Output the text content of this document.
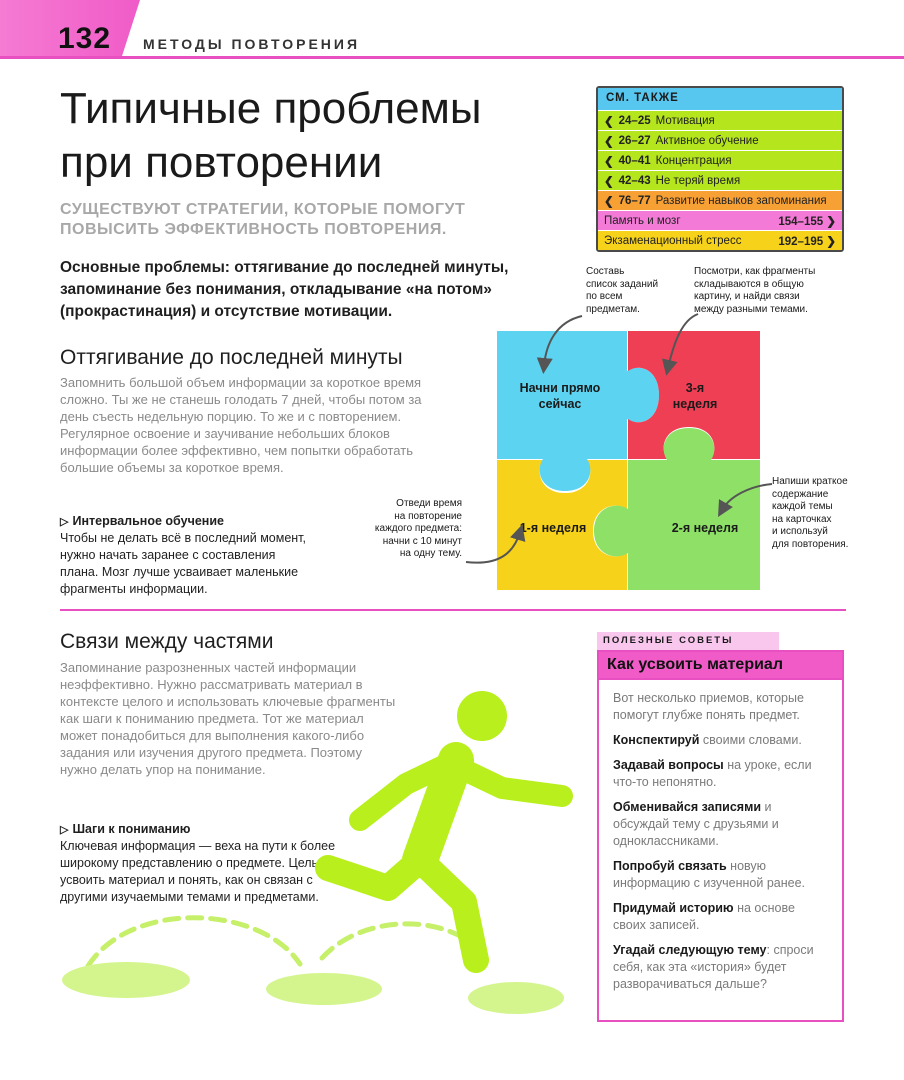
132 МЕТОДЫ ПОВТОРЕНИЯ
Типичные проблемы
при повторении
СУЩЕСТВУЮТ СТРАТЕГИИ, КОТОРЫЕ ПОМОГУТ ПОВЫСИТЬ ЭФФЕКТИВНОСТЬ ПОВТОРЕНИЯ.
Основные проблемы: оттягивание до последней минуты, запоминание без понимания, откладывание «на потом» (прокрастинация) и отсутствие мотивации.
СМ. ТАКЖЕ
❮ 24–25 Мотивация
❮ 26–27 Активное обучение
❮ 40–41 Концентрация
❮ 42–43 Не теряй время
❮ 76–77 Развитие навыков запоминания
Память и мозг	154–155 ❯
Экзаменационный стресс	192–195 ❯
Оттягивание до последней минуты
Запомнить большой объем информации за короткое время сложно. Ты же не станешь голодать 7 дней, чтобы потом за день съесть недельную порцию. То же и с повторением. Регулярное освоение и заучивание небольших блоков информации более эффективно, чем попытки обработать большие объемы за короткое время.
▷ Интервальное обучение
Чтобы не делать всё в последний момент, нужно начать заранее с составления плана. Мозг лучше усваивает маленькие фрагменты информации.
Начни прямо
сейчас
3-я
неделя
1-я неделя	2-я неделя
Составь
список заданий
по всем
предметам.
Посмотри, как фрагменты
складываются в общую
картину, и найди связи
между разными темами.
Напиши краткое
содержание
каждой темы
на карточках
и используй
для повторения.
Отведи время
на повторение
каждого предмета:
начни с 10 минут
на одну тему.
Связи между частями
Запоминание разрозненных частей информации неэффективно. Нужно рассматривать материал в контексте целого и использовать ключевые фрагменты как шаги к пониманию предмета. Тот же материал может понадобиться для выполнения какого-либо задания или изучения другого предмета. Поэтому нужно делать упор на понимание.
▷ Шаги к пониманию
Ключевая информация — веха на пути к более широкому представлению о предмете. Цель — усвоить материал и понять, как он связан с другими изучаемыми темами и предметами.
ПОЛЕЗНЫЕ СОВЕТЫ
Как усвоить материал
Вот несколько приемов, которые помогут глубже понять предмет.
Конспектируй своими словами.
Задавай вопросы на уроке, если что-то непонятно.
Обменивайся записями и обсуждай тему с друзьями и одноклассниками.
Попробуй связать новую информацию с изученной ранее.
Придумай историю на основе своих записей.
Угадай следующую тему: спроси себя, как эта «история» будет разворачиваться дальше?
